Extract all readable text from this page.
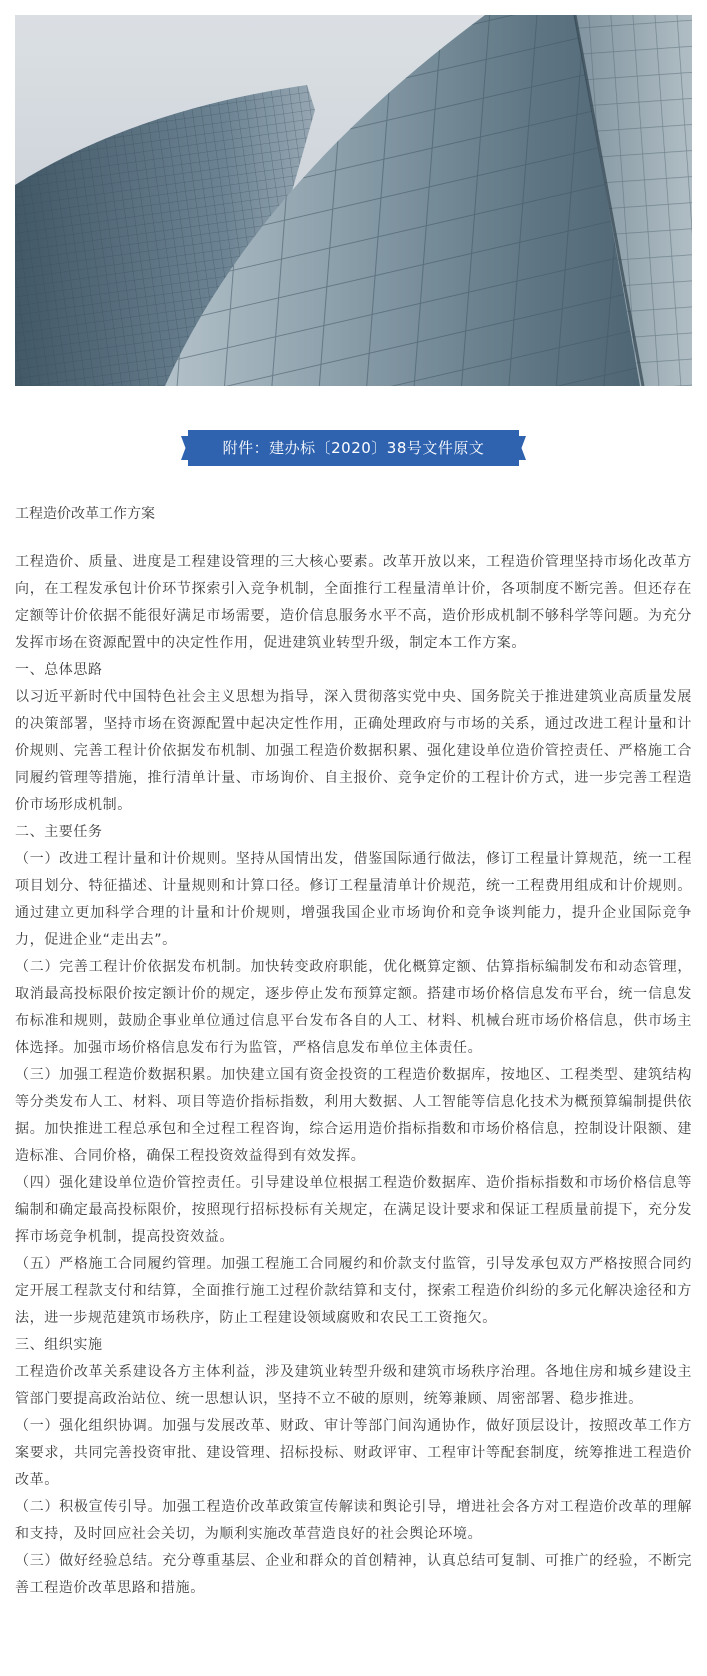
附件：建办标〔2020〕38号文件原文
工程造价改革工作方案

工程造价、质量、进度是工程建设管理的三大核心要素。改革开放以来，工程造价管理坚持市场化改革方向，在工程发承包计价环节探索引入竞争机制，全面推行工程量清单计价，各项制度不断完善。但还存在定额等计价依据不能很好满足市场需要，造价信息服务水平不高，造价形成机制不够科学等问题。为充分发挥市场在资源配置中的决定性作用，促进建筑业转型升级，制定本工作方案。

一、总体思路

以习近平新时代中国特色社会主义思想为指导，深入贯彻落实党中央、国务院关于推进建筑业高质量发展的决策部署，坚持市场在资源配置中起决定性作用，正确处理政府与市场的关系，通过改进工程计量和计价规则、完善工程计价依据发布机制、加强工程造价数据积累、强化建设单位造价管控责任、严格施工合同履约管理等措施，推行清单计量、市场询价、自主报价、竞争定价的工程计价方式，进一步完善工程造价市场形成机制。

二、主要任务

（一）改进工程计量和计价规则。坚持从国情出发，借鉴国际通行做法，修订工程量计算规范，统一工程项目划分、特征描述、计量规则和计算口径。修订工程量清单计价规范，统一工程费用组成和计价规则。通过建立更加科学合理的计量和计价规则，增强我国企业市场询价和竞争谈判能力，提升企业国际竞争力，促进企业“走出去”。

（二）完善工程计价依据发布机制。加快转变政府职能，优化概算定额、估算指标编制发布和动态管理，取消最高投标限价按定额计价的规定，逐步停止发布预算定额。搭建市场价格信息发布平台，统一信息发布标准和规则，鼓励企事业单位通过信息平台发布各自的人工、材料、机械台班市场价格信息，供市场主体选择。加强市场价格信息发布行为监管，严格信息发布单位主体责任。

（三）加强工程造价数据积累。加快建立国有资金投资的工程造价数据库，按地区、工程类型、建筑结构等分类发布人工、材料、项目等造价指标指数，利用大数据、人工智能等信息化技术为概预算编制提供依据。加快推进工程总承包和全过程工程咨询，综合运用造价指标指数和市场价格信息，控制设计限额、建造标准、合同价格，确保工程投资效益得到有效发挥。

（四）强化建设单位造价管控责任。引导建设单位根据工程造价数据库、造价指标指数和市场价格信息等编制和确定最高投标限价，按照现行招标投标有关规定，在满足设计要求和保证工程质量前提下，充分发挥市场竞争机制，提高投资效益。

（五）严格施工合同履约管理。加强工程施工合同履约和价款支付监管，引导发承包双方严格按照合同约定开展工程款支付和结算，全面推行施工过程价款结算和支付，探索工程造价纠纷的多元化解决途径和方法，进一步规范建筑市场秩序，防止工程建设领域腐败和农民工工资拖欠。

三、组织实施

工程造价改革关系建设各方主体利益，涉及建筑业转型升级和建筑市场秩序治理。各地住房和城乡建设主管部门要提高政治站位、统一思想认识，坚持不立不破的原则，统筹兼顾、周密部署、稳步推进。

（一）强化组织协调。加强与发展改革、财政、审计等部门间沟通协作，做好顶层设计，按照改革工作方案要求，共同完善投资审批、建设管理、招标投标、财政评审、工程审计等配套制度，统筹推进工程造价改革。

（二）积极宣传引导。加强工程造价改革政策宣传解读和舆论引导，增进社会各方对工程造价改革的理解和支持，及时回应社会关切，为顺利实施改革营造良好的社会舆论环境。

（三）做好经验总结。充分尊重基层、企业和群众的首创精神，认真总结可复制、可推广的经验，不断完善工程造价改革思路和措施。
